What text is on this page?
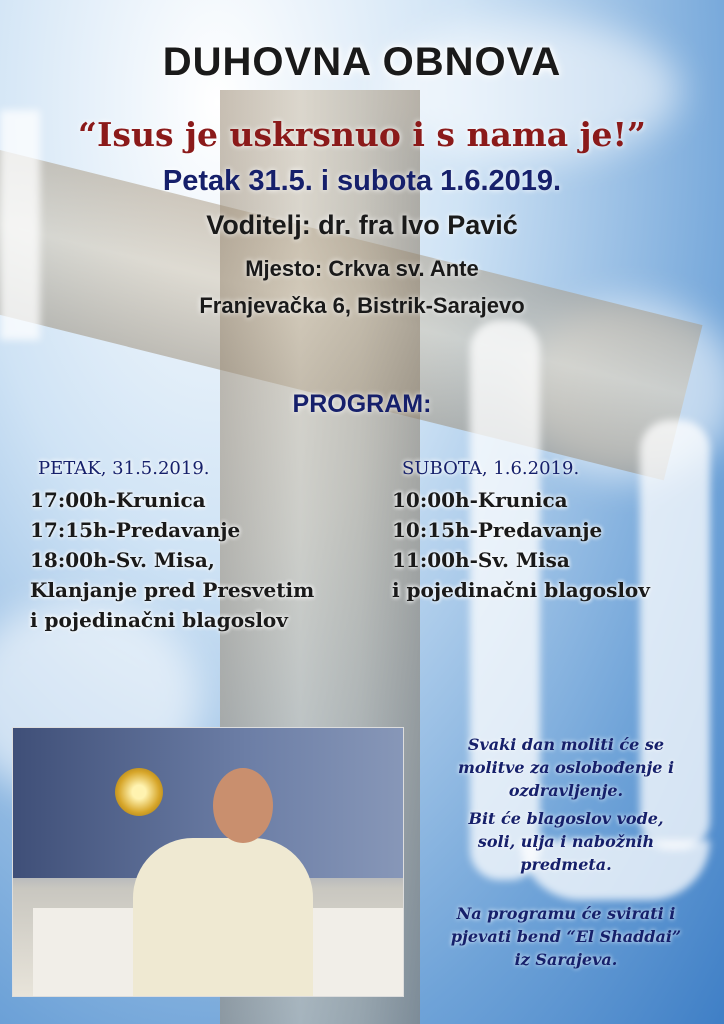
DUHOVNA OBNOVA
“Isus je uskrsnuo i s nama je!”
Petak 31.5. i subota 1.6.2019.
Voditelj: dr. fra Ivo Pavić
Mjesto: Crkva sv. Ante
Franjevačka 6, Bistrik-Sarajevo
PROGRAM:
PETAK, 31.5.2019.
17:00h-Krunica
17:15h-Predavanje
18:00h-Sv. Misa,
Klanjanje pred Presvetim
i pojedinačni blagoslov
SUBOTA, 1.6.2019.
10:00h-Krunica
10:15h-Predavanje
11:00h-Sv. Misa
i pojedinačni blagoslov
Svaki dan moliti će se
molitve za oslobođenje i
ozdravljenje.
Bit će blagoslov vode,
soli, ulja i nabožnih
predmeta.
Na programu će svirati i
pjevati bend “El Shaddai”
iz Sarajeva.
